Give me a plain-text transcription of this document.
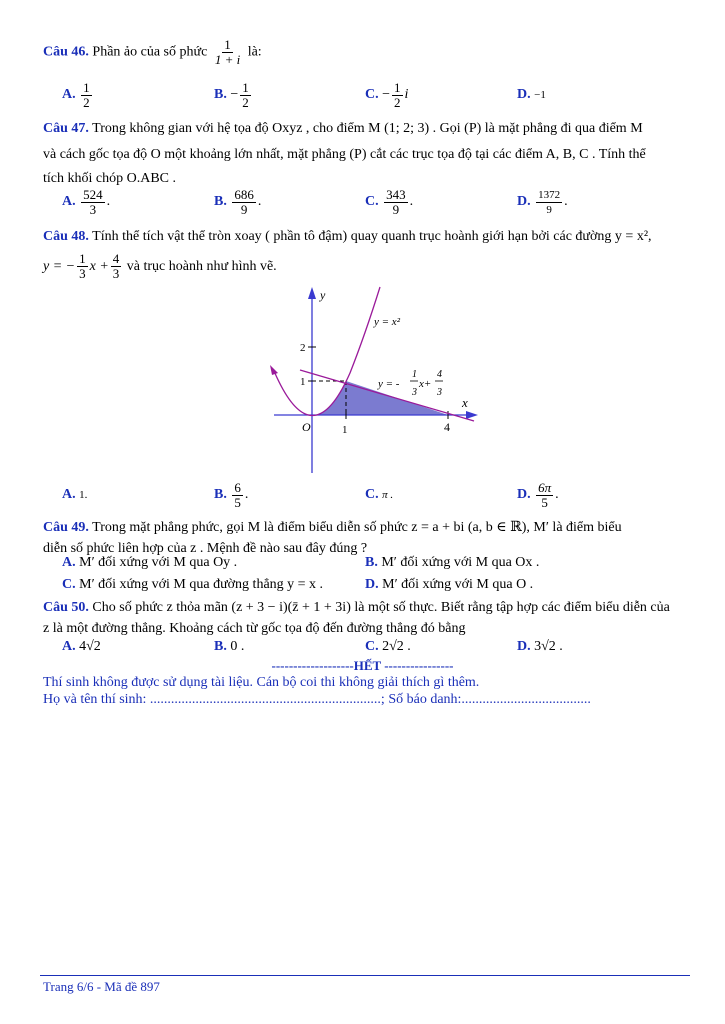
Câu 46. Phần ảo của số phức $\frac{1}{1 + i}$ là:
A.
$\frac{1}{2}$	B.
− $\frac{1}{2}$	C.
− $\frac{1}{2}$ i	D.
−1
Câu 47. Trong không gian với hệ tọa độ Oxyz , cho điểm M (1; 2; 3) . Gọi (P) là mặt phẳng đi qua điểm M
và cách gốc tọa độ O một khoảng lớn nhất, mặt phẳng (P) cắt các trục tọa độ tại các điểm A, B, C . Tính thể
tích khối chóp O.ABC .
A.
$\frac{524}{3}$ .	B.
$\frac{686}{9}$ .	C.
$\frac{343}{9}$ .	D.
$\frac{1372}{9}$ .
Câu 48. Tính thể tích vật thể tròn xoay ( phần tô đậm) quay quanh trục hoành giới hạn bởi các đường y = x²,
y = − $\frac{1}{3}$ $x + \frac{4}{3}$
và trục hoành như hình vẽ.
y
x
O	1	4
1
2
y = x²
y = -
1
3
x+
4
3
A.
1.	B.
$\frac{6}{5}$ .	C.
π .	D.
$\frac{6\pi}{5}$ .
Câu 49. Trong mặt phẳng phức, gọi M là điểm biểu diễn số phức z = a + bi (a, b ∈ ℝ), M′ là điểm biểu
diễn số phức liên hợp của z . Mệnh đề nào sau đây đúng ?
A.
M′ đối xứng với M qua Oy .	B.
M′ đối xứng với M qua Ox .
C.
M′ đối xứng với M qua đường thẳng y = x .	D.
M′ đối xứng với M qua O .
Câu 50. Cho số phức z thỏa mãn (z + 3 − i)(z̄ + 1 + 3i) là một số thực. Biết rằng tập hợp các điểm biểu diễn của
z là một đường thẳng. Khoảng cách từ gốc tọa độ đến đường thẳng đó bằng
A.
4√2	B.
0 .	C.
2√2 .	D.
3√2 .
-------------------HẾT ----------------
Thí sinh không được sử dụng tài liệu. Cán bộ coi thi không giải thích gì thêm.
Họ và tên thí sinh: ..................................................................; Số báo danh:.....................................
Trang 6/6 - Mã đề 897
